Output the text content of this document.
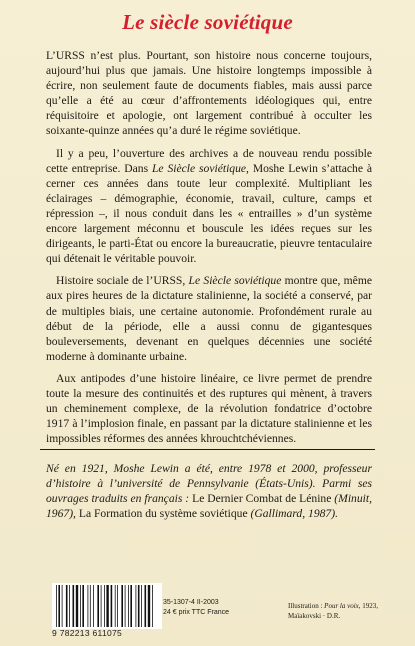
Le siècle soviétique

L’URSS n’est plus. Pourtant, son histoire nous concerne toujours, aujourd’hui plus que jamais. Une histoire longtemps impossible à écrire, non seulement faute de documents fiables, mais aussi parce qu’elle a été au cœur d’affrontements idéologiques qui, entre réquisitoire et apologie, ont largement contribué à occulter les soixante-quinze années qu’a duré le régime soviétique.

Il y a peu, l’ouverture des archives a de nouveau rendu possible cette entreprise. Dans Le Siècle soviétique, Moshe Lewin s’attache à cerner ces années dans toute leur complexité. Multipliant les éclairages – démographie, économie, travail, culture, camps et répression –, il nous conduit dans les « entrailles » d’un système encore largement méconnu et bouscule les idées reçues sur les dirigeants, le parti-État ou encore la bureaucratie, pieuvre tentaculaire qui détenait le véritable pouvoir.

Histoire sociale de l’URSS, Le Siècle soviétique montre que, même aux pires heures de la dictature stalinienne, la société a conservé, par de multiples biais, une certaine autonomie. Profondément rurale au début de la période, elle a aussi connu de gigantesques bouleversements, devenant en quelques décennies une société moderne à dominante urbaine.

Aux antipodes d’une histoire linéaire, ce livre permet de prendre toute la mesure des continuités et des ruptures qui mènent, à travers un cheminement complexe, de la révolution fondatrice d’octobre 1917 à l’implosion finale, en passant par la dictature stalinienne et les impossibles réformes des années khrouchtchéviennes.

Né en 1921, Moshe Lewin a été, entre 1978 et 2000, professeur d’histoire à l’université de Pennsylvanie (États-Unis). Parmi ses ouvrages traduits en français : Le Dernier Combat de Lénine (Minuit, 1967), La Formation du système soviétique (Gallimard, 1987).
9 782213 611075
35-1307-4 II-2003
24 € prix TTC France
Illustration : Pour la voix, 1923,
Maïakovski · D.R.
